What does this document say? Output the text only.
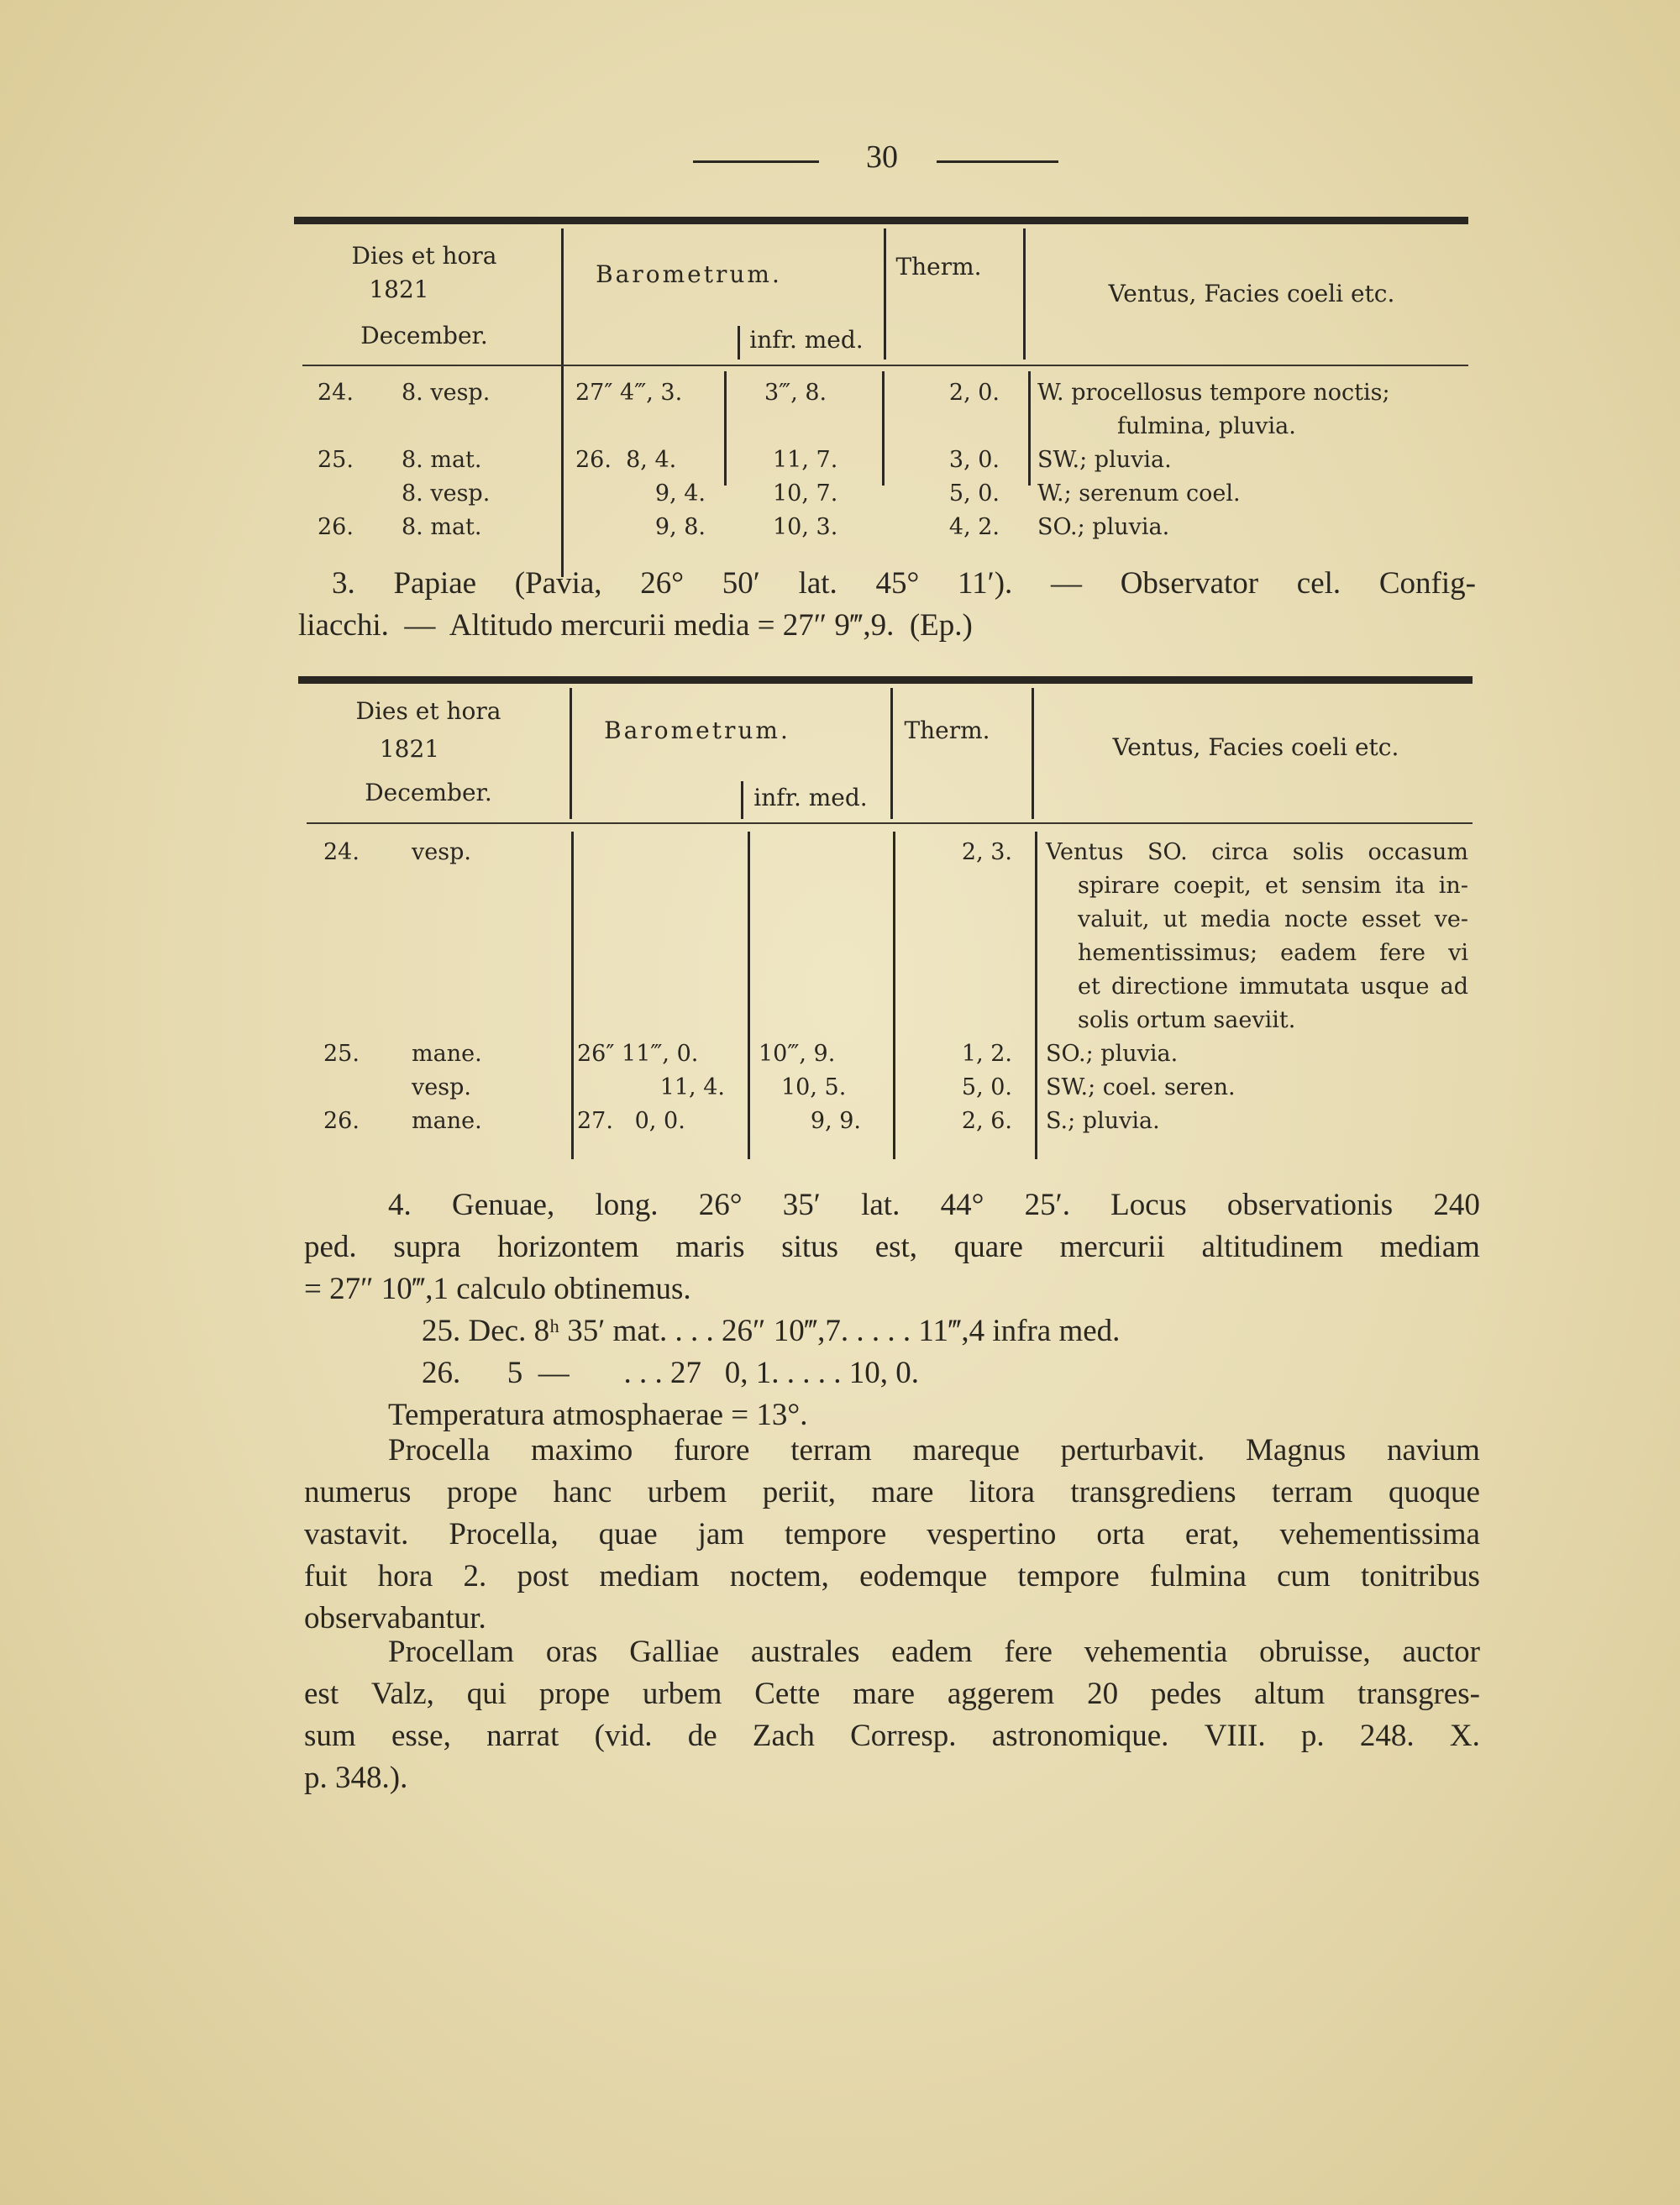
30
Dies et hora
1821
December.
Barometrum.
infr. med.
Therm.
Ventus, Facies coeli etc.
24. 8. vesp.	27″ 4‴, 3.	3‴, 8.	2, 0. W. procellosus tempore noctis;
fulmina, pluvia.
25. 8. mat.	26.  8, 4.	11, 7.	3, 0. SW.; pluvia.
8. vesp.	9, 4.	10, 7.	5, 0. W.; serenum coel.
26. 8. mat.	9, 8.	10, 3.	4, 2. SO.; pluvia.
3. Papiae (Pavia, 26° 50′ lat. 45° 11′). — Observator cel. Config-
liacchi.  —  Altitudo mercurii media = 27″ 9‴,9.  (Ep.)
Dies et hora
1821
December.
Barometrum.
infr. med.
Therm.
Ventus, Facies coeli etc.
24. vesp.	2, 3. Ventus SO. circa solis occasum
spirare coepit, et sensim ita in-
valuit, ut media nocte esset ve-
hementissimus; eadem fere vi
et directione immutata usque ad
solis ortum saeviit.
25. mane.	26″ 11‴, 0.	10‴, 9.	1, 2. SO.; pluvia.
vesp.	11, 4. 10, 5.	5, 0. SW.; coel. seren.
26. mane.	27.   0, 0.	9, 9.	2, 6. S.; pluvia.
4. Genuae, long. 26° 35′ lat. 44° 25′. Locus observationis 240
ped. supra horizontem maris situs est, quare mercurii altitudinem mediam
= 27″ 10‴,1 calculo obtinemus.
25. Dec. 8ʰ 35′ mat. . . . 26″ 10‴,7. . . . . 11‴,4 infra med.
26.      5  —       . . . 27   0, 1. . . . . 10, 0.
Temperatura atmosphaerae = 13°.
Procella maximo furore terram mareque perturbavit. Magnus navium
numerus prope hanc urbem periit, mare litora transgrediens terram quoque
vastavit. Procella, quae jam tempore vespertino orta erat, vehementissima
fuit hora 2. post mediam noctem, eodemque tempore fulmina cum tonitribus
observabantur.
Procellam oras Galliae australes eadem fere vehementia obruisse, auctor
est Valz, qui prope urbem Cette mare aggerem 20 pedes altum transgres-
sum esse, narrat (vid. de Zach Corresp. astronomique. VIII. p. 248. X.
p. 348.).
